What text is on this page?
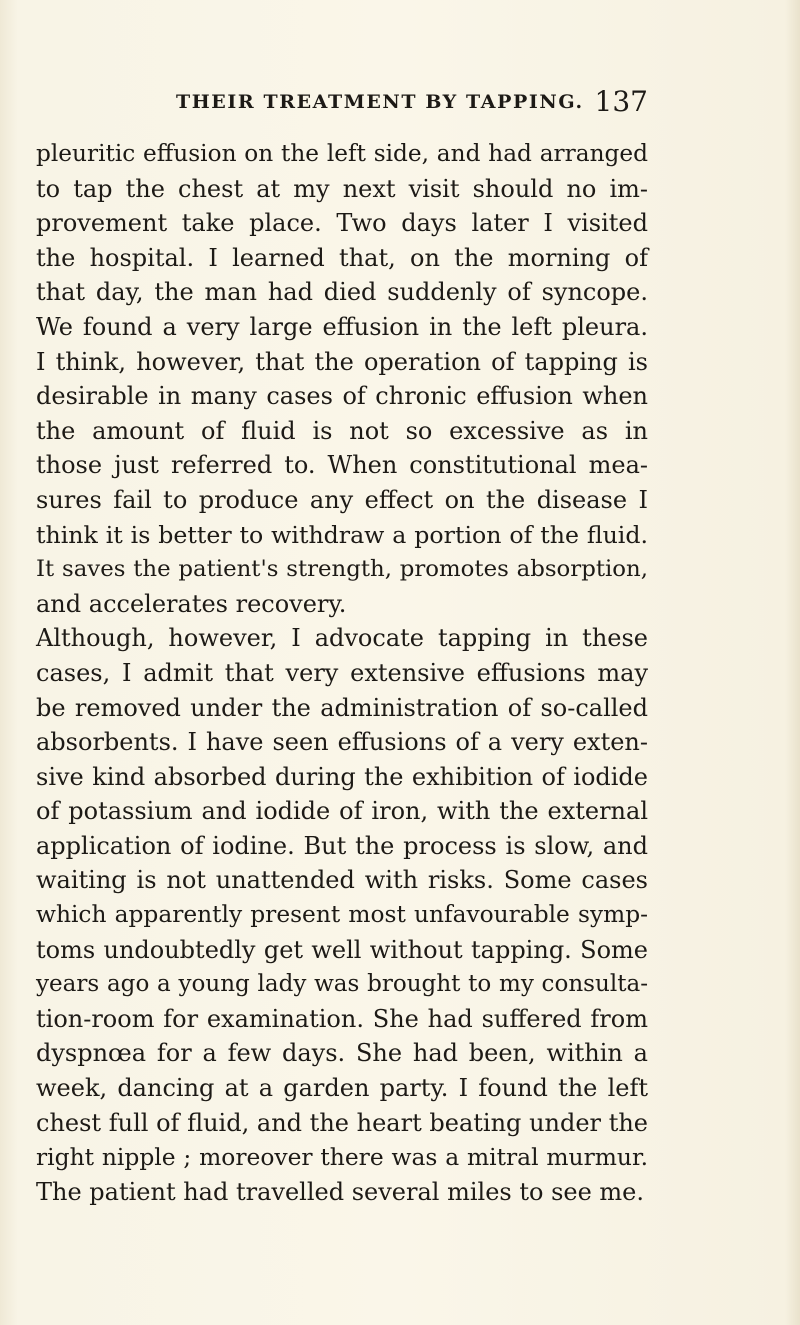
THEIR TREATMENT BY TAPPING. 137
pleuritic effusion on the left side, and had arranged
to tap the chest at my next visit should no im-
provement take place. Two days later I visited
the hospital. I learned that, on the morning of
that day, the man had died suddenly of syncope.
We found a very large effusion in the left pleura.
I think, however, that the operation of tapping is
desirable in many cases of chronic effusion when
the amount of fluid is not so excessive as in
those just referred to. When constitutional mea-
sures fail to produce any effect on the disease I
think it is better to withdraw a portion of the fluid.
It saves the patient's strength, promotes absorption,
and accelerates recovery.
Although, however, I advocate tapping in these
cases, I admit that very extensive effusions may
be removed under the administration of so-called
absorbents. I have seen effusions of a very exten-
sive kind absorbed during the exhibition of iodide
of potassium and iodide of iron, with the external
application of iodine. But the process is slow, and
waiting is not unattended with risks. Some cases
which apparently present most unfavourable symp-
toms undoubtedly get well without tapping. Some
years ago a young lady was brought to my consulta-
tion-room for examination. She had suffered from
dyspnœa for a few days. She had been, within a
week, dancing at a garden party. I found the left
chest full of fluid, and the heart beating under the
right nipple ; moreover there was a mitral murmur.
The patient had travelled several miles to see me.
